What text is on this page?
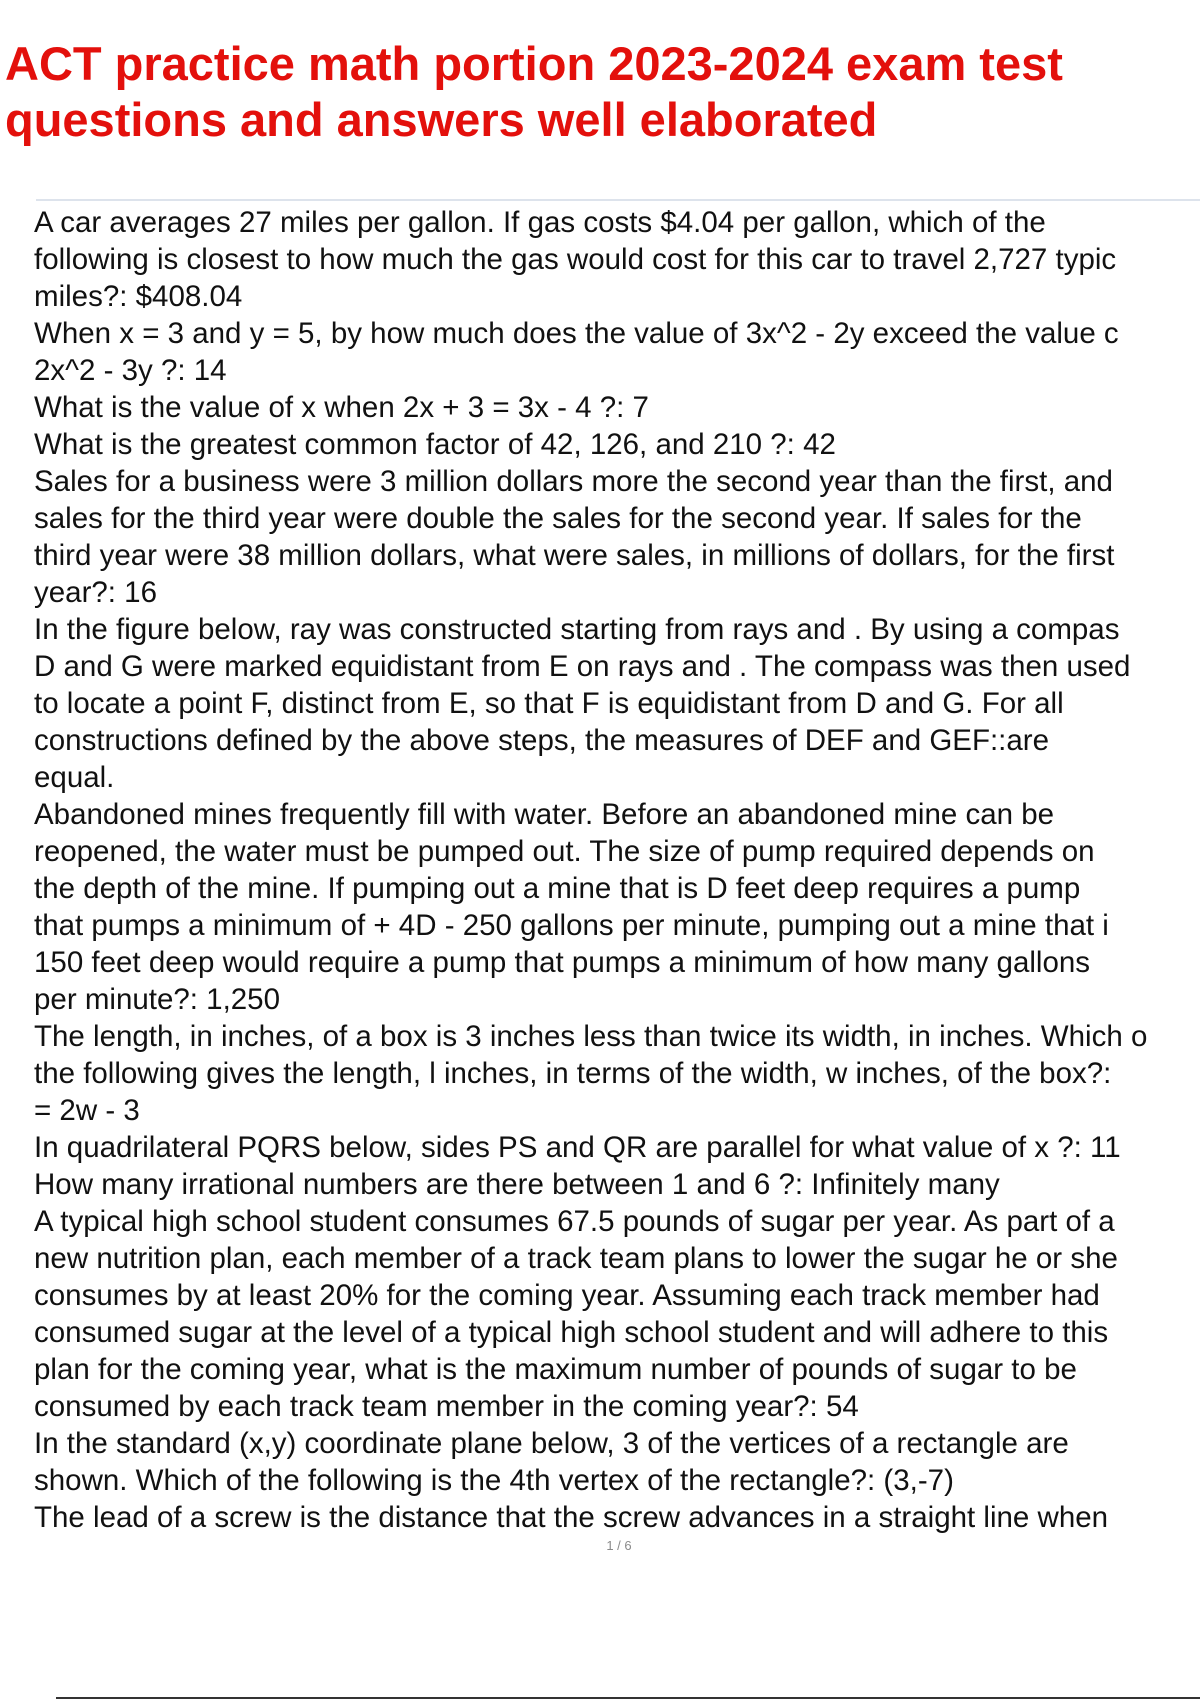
ACT practice math portion 2023-2024 exam test
questions and answers well elaborated
A car averages 27 miles per gallon. If gas costs $4.04 per gallon, which of the
following is closest to how much the gas would cost for this car to travel 2,727 typic
miles?: $408.04
When x = 3 and y = 5, by how much does the value of 3x^2 - 2y exceed the value c
2x^2 - 3y ?: 14
What is the value of x when 2x + 3 = 3x - 4 ?: 7
What is the greatest common factor of 42, 126, and 210 ?: 42
Sales for a business were 3 million dollars more the second year than the first, and
sales for the third year were double the sales for the second year. If sales for the
third year were 38 million dollars, what were sales, in millions of dollars, for the first
year?: 16
In the figure below, ray was constructed starting from rays and . By using a compas
D and G were marked equidistant from E on rays and . The compass was then used
to locate a point F, distinct from E, so that F is equidistant from D and G. For all
constructions defined by the above steps, the measures of DEF and GEF::are
equal.
Abandoned mines frequently fill with water. Before an abandoned mine can be
reopened, the water must be pumped out. The size of pump required depends on
the depth of the mine. If pumping out a mine that is D feet deep requires a pump
that pumps a minimum of + 4D - 250 gallons per minute, pumping out a mine that i
150 feet deep would require a pump that pumps a minimum of how many gallons
per minute?: 1,250
The length, in inches, of a box is 3 inches less than twice its width, in inches. Which o
the following gives the length, l inches, in terms of the width, w inches, of the box?:
= 2w - 3
In quadrilateral PQRS below, sides PS and QR are parallel for what value of x ?: 11
How many irrational numbers are there between 1 and 6 ?: Infinitely many
A typical high school student consumes 67.5 pounds of sugar per year. As part of a
new nutrition plan, each member of a track team plans to lower the sugar he or she
consumes by at least 20% for the coming year. Assuming each track member had
consumed sugar at the level of a typical high school student and will adhere to this
plan for the coming year, what is the maximum number of pounds of sugar to be
consumed by each track team member in the coming year?: 54
In the standard (x,y) coordinate plane below, 3 of the vertices of a rectangle are
shown. Which of the following is the 4th vertex of the rectangle?: (3,-7)
The lead of a screw is the distance that the screw advances in a straight line when
1 / 6
